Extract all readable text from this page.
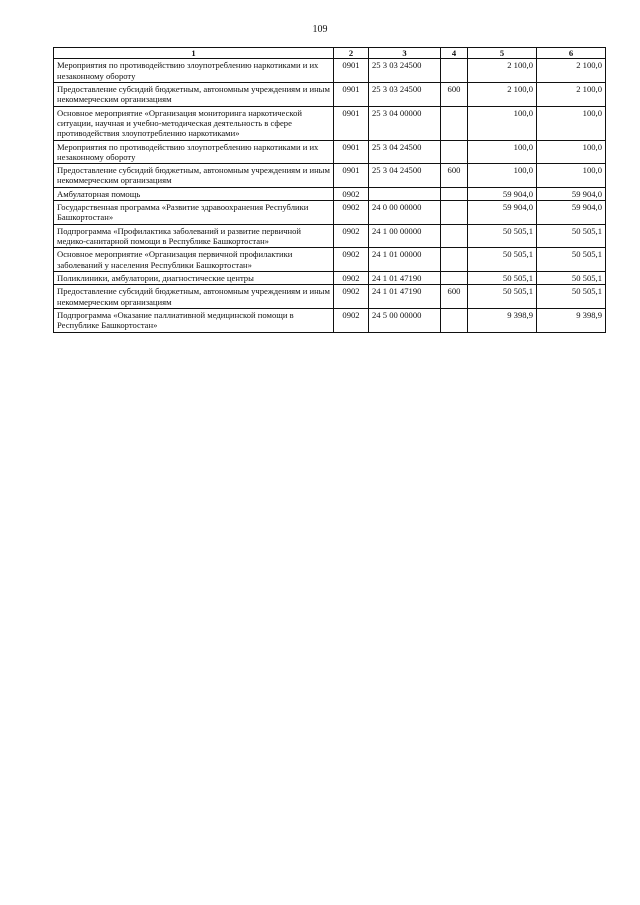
109
1	2	3	4	5	6
Мероприятия по противодействию злоупотреблению наркотиками и их незаконному обороту	0901	25 3 03 24500		2 100,0	2 100,0
Предоставление субсидий бюджетным, автономным учреждениям и иным некоммерческим организациям	0901	25 3 03 24500	600	2 100,0	2 100,0
Основное мероприятие «Организация мониторинга наркотической ситуации, научная и учебно-методическая деятельность в сфере противодействия злоупотреблению наркотиками»	0901	25 3 04 00000		100,0	100,0
Мероприятия по противодействию злоупотреблению наркотиками и их незаконному обороту	0901	25 3 04 24500		100,0	100,0
Предоставление субсидий бюджетным, автономным учреждениям и иным некоммерческим организациям	0901	25 3 04 24500	600	100,0	100,0
Амбулаторная помощь	0902			59 904,0	59 904,0
Государственная программа «Развитие здравоохранения Республики Башкортостан»	0902	24 0 00 00000		59 904,0	59 904,0
Подпрограмма «Профилактика заболеваний и развитие первичной медико-санитарной помощи в Республике Башкортостан»	0902	24 1 00 00000		50 505,1	50 505,1
Основное мероприятие «Организация первичной профилактики заболеваний у населения Республики Башкортостан»	0902	24 1 01 00000		50 505,1	50 505,1
Поликлиники, амбулатории, диагностические центры	0902	24 1 01 47190		50 505,1	50 505,1
Предоставление субсидий бюджетным, автономным учреждениям и иным некоммерческим организациям	0902	24 1 01 47190	600	50 505,1	50 505,1
Подпрограмма «Оказание паллиативной медицинской помощи в Республике Башкортостан»	0902	24 5 00 00000		9 398,9	9 398,9
